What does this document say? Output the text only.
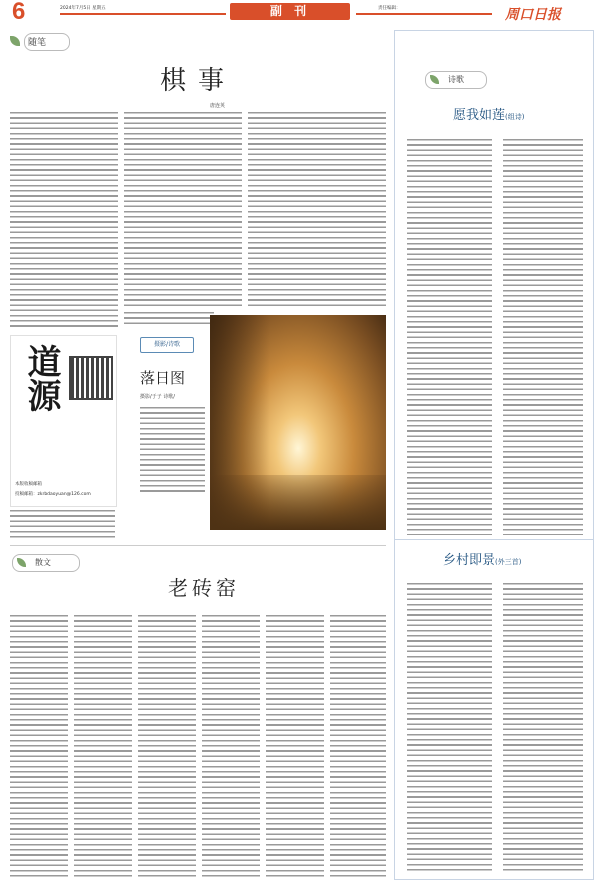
6	2024年7月5日 星期五	副 刊	责任编辑：	周口日报
随笔
棋事
唐连英
道源
本版收稿邮箱
投稿邮箱：zkrbdaoyuan@126.com
摄影/诗歌
落日图
摄影/于子 诗歌/
散文
老砖窑
诗歌
愿我如莲(组诗)
乡村即景(外三首)
